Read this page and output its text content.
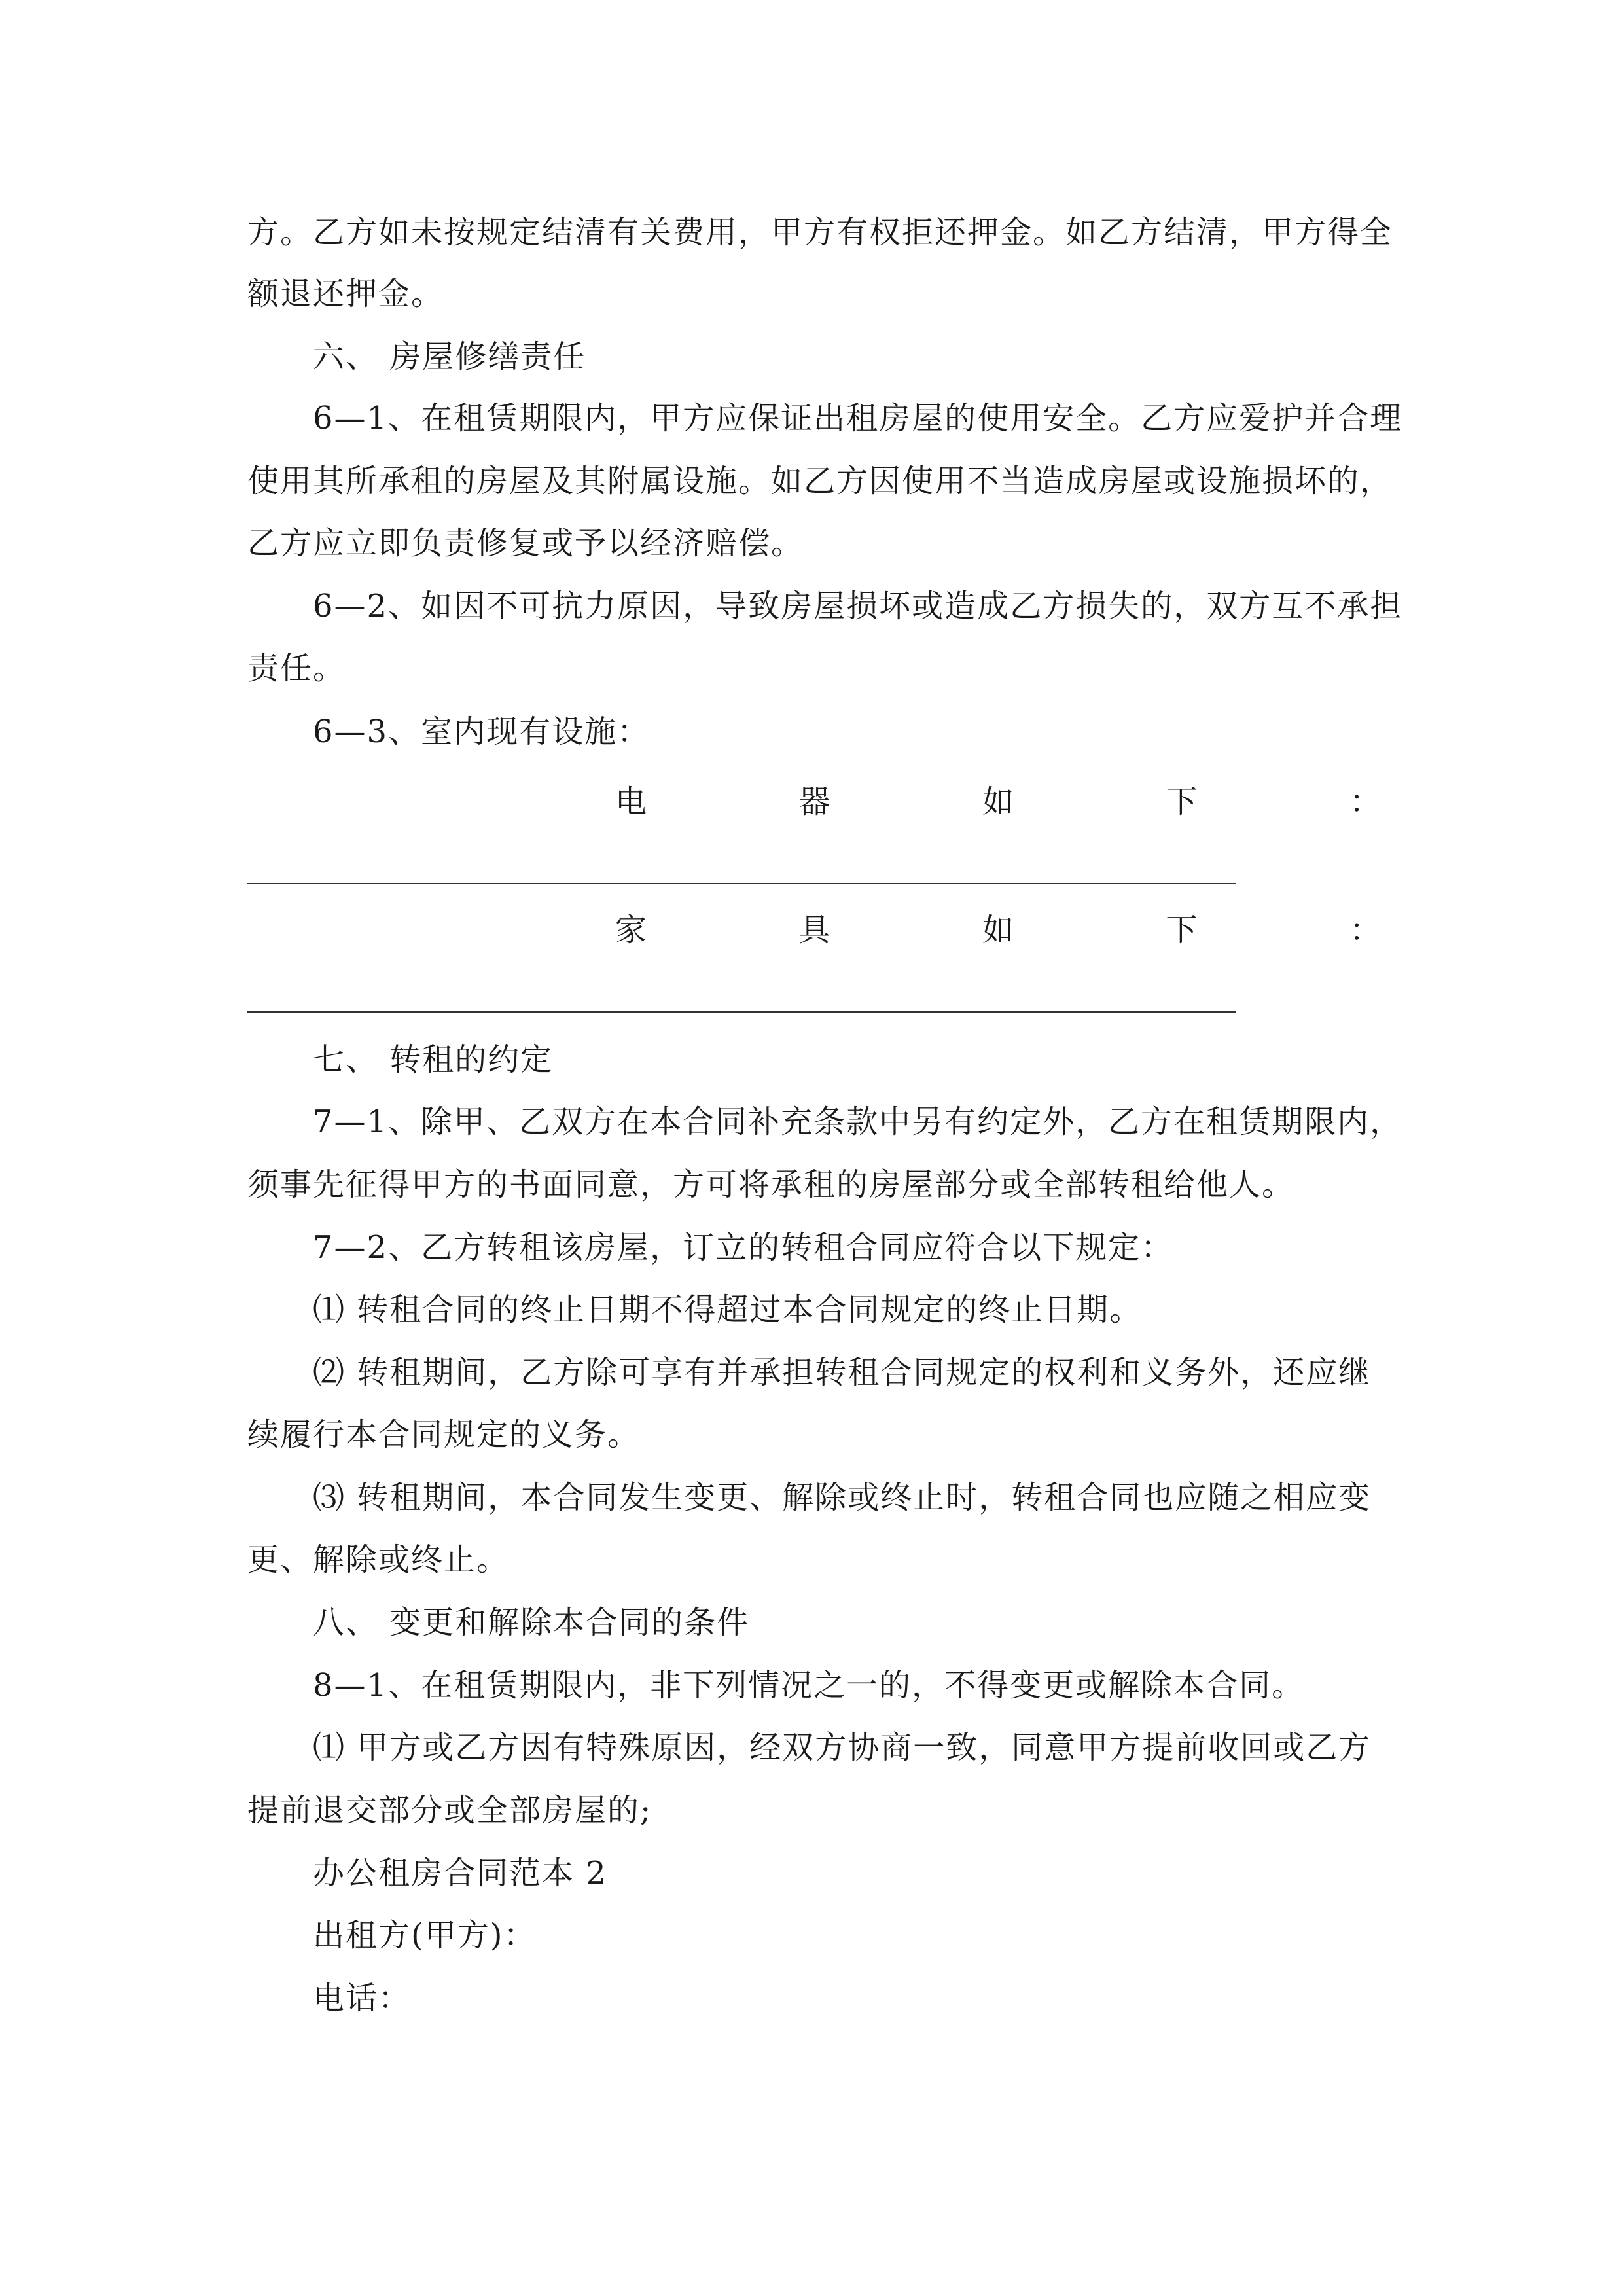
方。乙方如未按规定结清有关费用，甲方有权拒还押金。如乙方结清，甲方得全
额退还押金。
六、 房屋修缮责任
6—1、在租赁期限内，甲方应保证出租房屋的使用安全。乙方应爱护并合理
使用其所承租的房屋及其附属设施。如乙方因使用不当造成房屋或设施损坏的，
乙方应立即负责修复或予以经济赔偿。
6—2、如因不可抗力原因，导致房屋损坏或造成乙方损失的，双方互不承担
责任。
6—3、室内现有设施：
电	器	如	下	：
家	具	如	下	：
七、 转租的约定
7—1、除甲、乙双方在本合同补充条款中另有约定外，乙方在租赁期限内，
须事先征得甲方的书面同意，方可将承租的房屋部分或全部转租给他人。
7—2、乙方转租该房屋，订立的转租合同应符合以下规定：
⑴ 转租合同的终止日期不得超过本合同规定的终止日期。
⑵ 转租期间，乙方除可享有并承担转租合同规定的权利和义务外，还应继
续履行本合同规定的义务。
⑶ 转租期间，本合同发生变更、解除或终止时，转租合同也应随之相应变
更、解除或终止。
八、 变更和解除本合同的条件
8—1、在租赁期限内，非下列情况之一的，不得变更或解除本合同。
⑴ 甲方或乙方因有特殊原因，经双方协商一致，同意甲方提前收回或乙方
提前退交部分或全部房屋的;
办公租房合同范本 2
出租方(甲方)：
电话：
